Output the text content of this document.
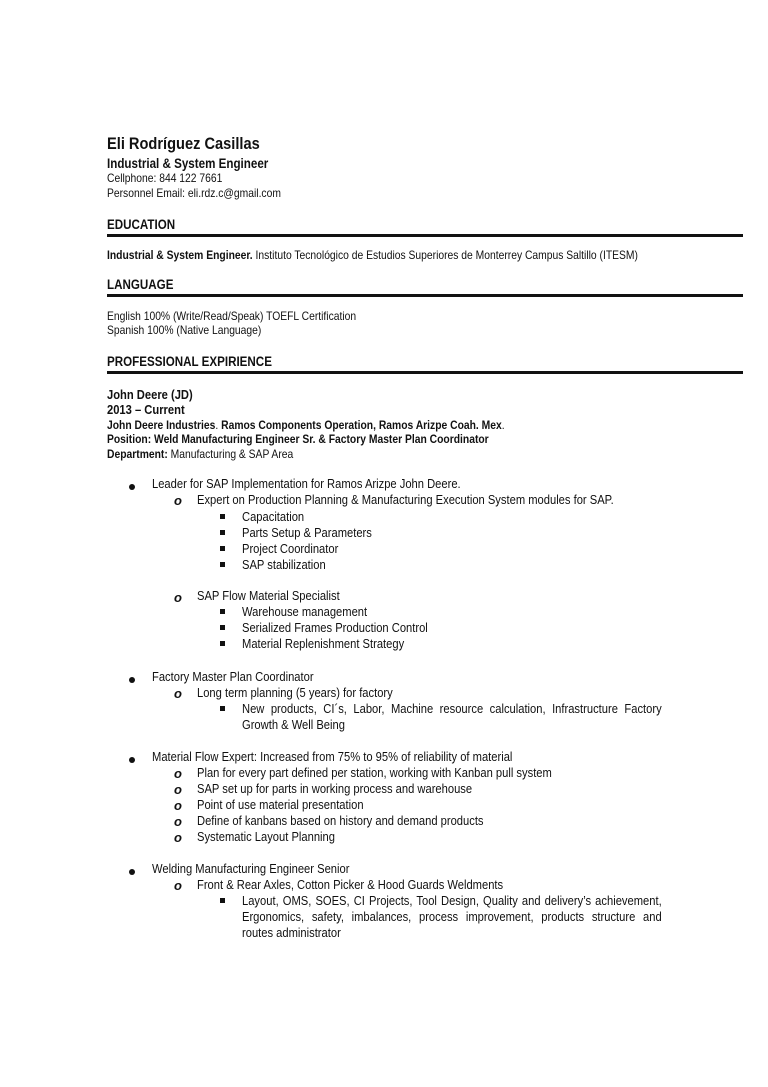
Eli Rodríguez Casillas
Industrial & System Engineer
Cellphone: 844 122 7661
Personnel Email: eli.rdz.c@gmail.com
EDUCATION
Industrial & System Engineer. Instituto Tecnológico de Estudios Superiores de Monterrey Campus Saltillo (ITESM)
LANGUAGE
English 100% (Write/Read/Speak) TOEFL Certification
Spanish 100% (Native Language)
PROFESSIONAL EXPIRIENCE
John Deere (JD)
2013 – Current
John Deere Industries. Ramos Components Operation, Ramos Arizpe Coah. Mex.
Position: Weld Manufacturing Engineer Sr. & Factory Master Plan Coordinator
Department: Manufacturing & SAP Area
Leader for SAP Implementation for Ramos Arizpe John Deere.
o Expert on Production Planning & Manufacturing Execution System modules for SAP.
Capacitation
Parts Setup & Parameters
Project Coordinator
SAP stabilization
o SAP Flow Material Specialist
Warehouse management
Serialized Frames Production Control
Material Replenishment Strategy
Factory Master Plan Coordinator
o Long term planning (5 years) for factory
New products, CI´s, Labor, Machine resource calculation, Infrastructure Factory Growth & Well Being
Material Flow Expert: Increased from 75% to 95% of reliability of material
o Plan for every part defined per station, working with Kanban pull system
o SAP set up for parts in working process and warehouse
o Point of use material presentation
o Define of kanbans based on history and demand products
o Systematic Layout Planning
Welding Manufacturing Engineer Senior
o Front & Rear Axles, Cotton Picker & Hood Guards Weldments
Layout, OMS, SOES, CI Projects, Tool Design, Quality and delivery’s achievement, Ergonomics, safety, imbalances, process improvement, products structure and routes administrator
